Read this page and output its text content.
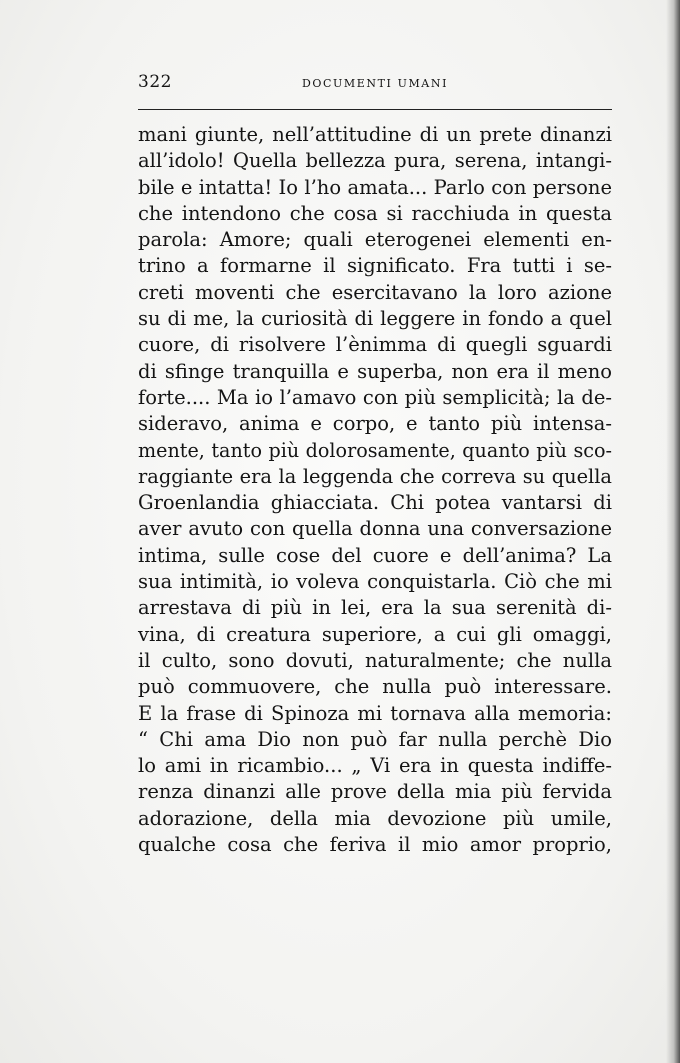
322	DOCUMENTI UMANI
mani giunte, nell’attitudine di un prete dinanzi
all’idolo! Quella bellezza pura, serena, intangi-
bile e intatta! Io l’ho amata... Parlo con persone
che intendono che cosa si racchiuda in questa
parola: Amore; quali eterogenei elementi en-
trino a formarne il significato. Fra tutti i se-
creti moventi che esercitavano la loro azione
su di me, la curiosità di leggere in fondo a quel
cuore, di risolvere l’ènimma di quegli sguardi
di sfinge tranquilla e superba, non era il meno
forte.... Ma io l’amavo con più semplicità; la de-
sideravo, anima e corpo, e tanto più intensa-
mente, tanto più dolorosamente, quanto più sco-
raggiante era la leggenda che correva su quella
Groenlandia ghiacciata. Chi potea vantarsi di
aver avuto con quella donna una conversazione
intima, sulle cose del cuore e dell’anima? La
sua intimità, io voleva conquistarla. Ciò che mi
arrestava di più in lei, era la sua serenità di-
vina, di creatura superiore, a cui gli omaggi,
il culto, sono dovuti, naturalmente; che nulla
può commuovere, che nulla può interessare.
E la frase di Spinoza mi tornava alla memoria:
“ Chi ama Dio non può far nulla perchè Dio
lo ami in ricambio... „ Vi era in questa indiffe-
renza dinanzi alle prove della mia più fervida
adorazione, della mia devozione più umile,
qualche cosa che feriva il mio amor proprio,
